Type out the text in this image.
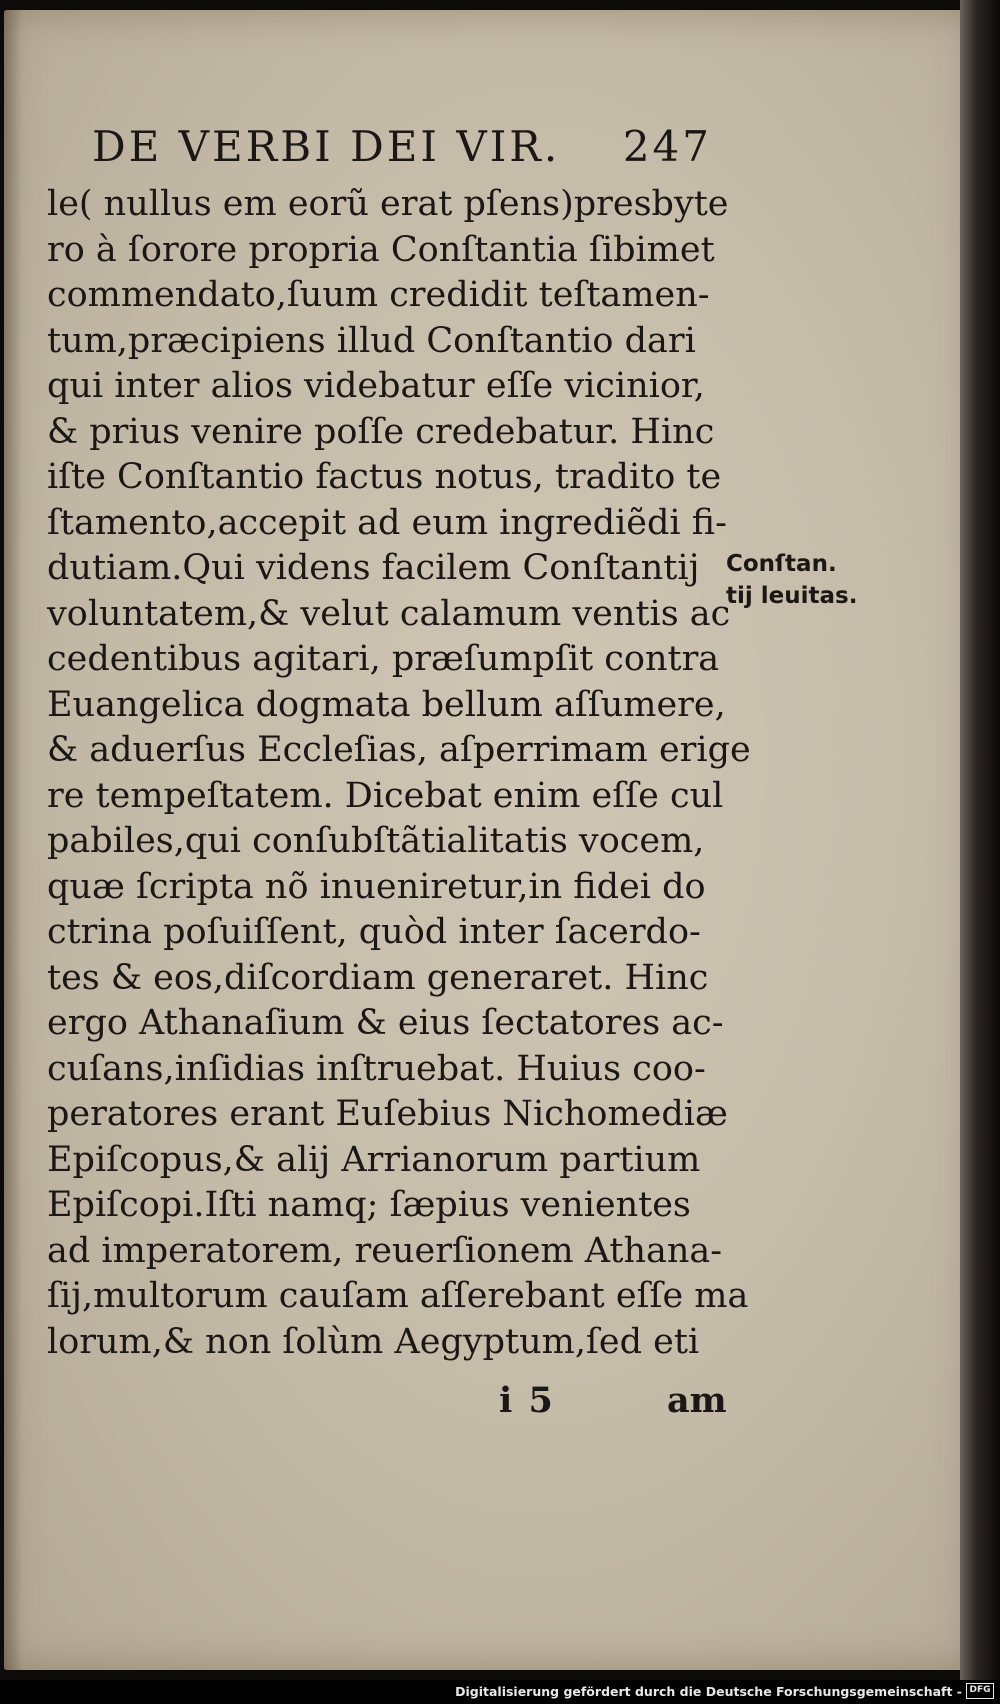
DE VERBI DEI VIR. 247
le( nullus em eorũ erat pſens)presbyte
ro à ſorore propria Conſtantia ſibimet
commendato,ſuum credidit teſtamen-
tum,præcipiens illud Conſtantio dari
qui inter alios videbatur eſſe vicinior,
& prius venire poſſe credebatur. Hinc
iſte Conſtantio factus notus, tradito te
ſtamento,accepit ad eum ingrediẽdi fi-
dutiam.Qui videns facilem Conſtantij
voluntatem,& velut calamum ventis ac
cedentibus agitari, præſumpſit contra
Euangelica dogmata bellum aſſumere,
& aduerſus Eccleſias, aſperrimam erige
re tempeſtatem. Dicebat enim eſſe cul
pabiles,qui conſubſtãtialitatis vocem,
quæ ſcripta nõ inueniretur,in fidei do
ctrina poſuiſſent, quòd inter ſacerdo-
tes & eos,diſcordiam generaret. Hinc
ergo Athanaſium & eius ſectatores ac-
cuſans,inſidias inſtruebat. Huius coo-
peratores erant Euſebius Nichomediæ
Epiſcopus,& alij Arrianorum partium
Epiſcopi.Iſti namq; ſæpius venientes
ad imperatorem, reuerſionem Athana-
ſij,multorum cauſam aſſerebant eſſe ma
lorum,& non ſolùm Aegyptum,ſed eti
Conſtan.
tij leuitas.
i 5	am
Digitalisierung gefördert durch die Deutsche Forschungsgemeinschaft - DFG
